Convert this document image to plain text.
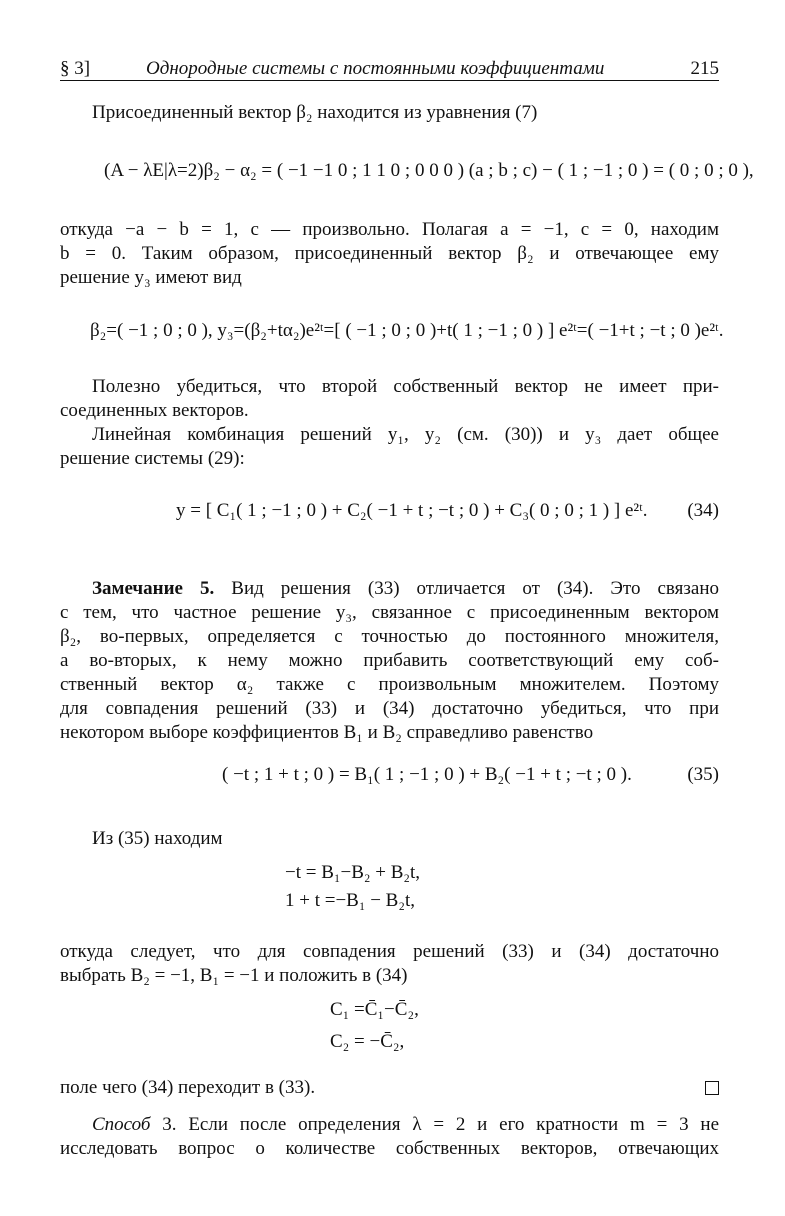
§ 3]	Однородные системы с постоянными коэффициентами	215
Присоединенный вектор β₂ находится из уравнения (7)
(A − λE|λ=2)β₂ − α₂ = ( −1 −1 0 ; 1 1 0 ; 0 0 0 ) (a ; b ; c) − ( 1 ; −1 ; 0 ) = ( 0 ; 0 ; 0 ),
откуда −a − b = 1, c — произвольно. Полагая a = −1, c = 0, находим
b = 0. Таким образом, присоединенный вектор β₂ и отвечающее ему
решение y₃ имеют вид
β₂=( −1 ; 0 ; 0 ), y₃=(β₂+tα₂)e²ᵗ=[ ( −1 ; 0 ; 0 )+t( 1 ; −1 ; 0 ) ] e²ᵗ=( −1+t ; −t ; 0 )e²ᵗ.
Полезно убедиться, что второй собственный вектор не имеет при-
соединенных векторов.
Линейная комбинация решений y₁, y₂ (см. (30)) и y₃ дает общее
решение системы (29):
y = [ C₁( 1 ; −1 ; 0 ) + C₂( −1 + t ; −t ; 0 ) + C₃( 0 ; 0 ; 1 ) ] e²ᵗ. (34)
Замечание 5. Вид решения (33) отличается от (34). Это связано
с тем, что частное решение y₃, связанное с присоединенным вектором
β₂, во-первых, определяется с точностью до постоянного множителя,
а во-вторых, к нему можно прибавить соответствующий ему соб-
ственный вектор α₂ также с произвольным множителем. Поэтому
для совпадения решений (33) и (34) достаточно убедиться, что при
некотором выборе коэффициентов B₁ и B₂ справедливо равенство
( −t ; 1 + t ; 0 ) = B₁( 1 ; −1 ; 0 ) + B₂( −1 + t ; −t ; 0 ).	(35)
Из (35) находим
−t = B₁−B₂ + B₂t,
1 + t =−B₁ − B₂t,
откуда следует, что для совпадения решений (33) и (34) достаточно
выбрать B₂ = −1, B₁ = −1 и положить в (34)
C₁ =C̄₁−C̄₂,
C₂ = −C̄₂,
поле чего (34) переходит в (33).
Способ 3. Если после определения λ = 2 и его кратности m = 3 не
исследовать вопрос о количестве собственных векторов, отвечающих
